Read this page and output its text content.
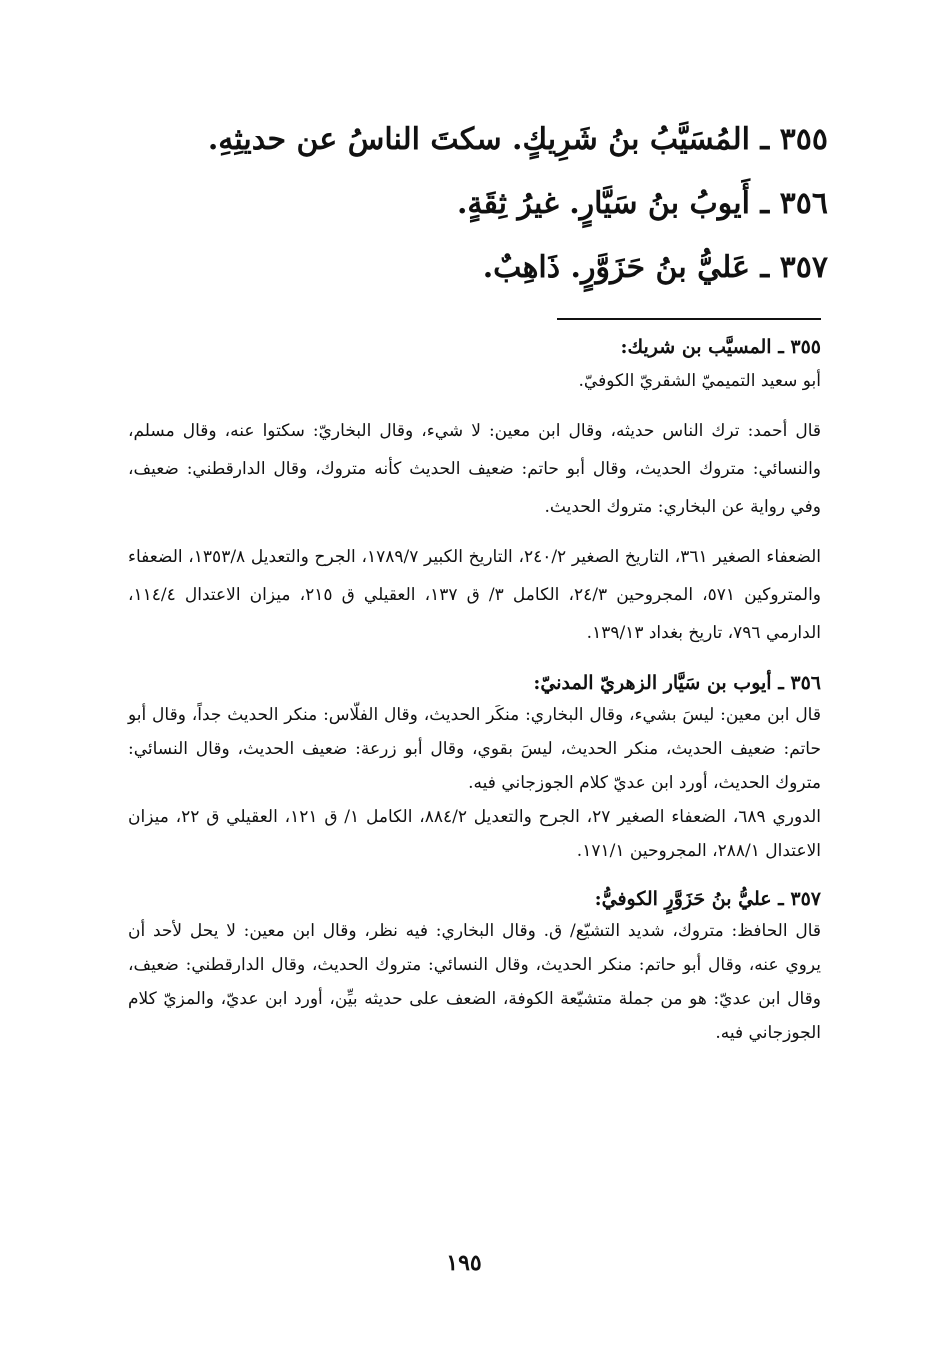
٣٥٥ ـ المُسَيَّبُ بنُ شَرِيكٍ. سكتَ الناسُ عن حديثِهِ.
٣٥٦ ـ أَيوبُ بنُ سَيَّارٍ. غيرُ ثِقَةٍ.
٣٥٧ ـ عَليُّ بنُ حَزَوَّرٍ. ذَاهِبٌ.

٣٥٥ ـ المسيَّب بن شريك:

أبو سعيد التميميّ الشقريّ الكوفيّ.

قال أحمد: ترك الناس حديثه، وقال ابن معين: لا شيء، وقال البخاريّ: سكتوا عنه، وقال مسلم، والنسائي: متروك الحديث، وقال أبو حاتم: ضعيف الحديث كأنه متروك، وقال الدارقطني: ضعيف، وفي رواية عن البخاري: متروك الحديث.

الضعفاء الصغير ٣٦١، التاريخ الصغير ٢٤٠/٢، التاريخ الكبير ١٧٨٩/٧، الجرح والتعديل ١٣٥٣/٨، الضعفاء والمتروكين ٥٧١، المجروحين ٢٤/٣، الكامل ٣/ ق ١٣٧، العقيلي ق ٢١٥، ميزان الاعتدال ١١٤/٤، الدارمي ٧٩٦، تاريخ بغداد ١٣٩/١٣.

٣٥٦ ـ أيوب بن سَيَّار الزهريّ المدنيّ:

قال ابن معين: ليسَ بشيء، وقال البخاري: منكَر الحديث، وقال الفلّاس: منكر الحديث جداً، وقال أبو حاتم: ضعيف الحديث، منكر الحديث، ليسَ بقوي، وقال أبو زرعة: ضعيف الحديث، وقال النسائي: متروك الحديث، أورد ابن عديّ كلام الجوزجاني فيه.

الدوري ٦٨٩، الضعفاء الصغير ٢٧، الجرح والتعديل ٨٨٤/٢، الكامل ١/ ق ١٢١، العقيلي ق ٢٢، ميزان الاعتدال ٢٨٨/١، المجروحين ١٧١/١.

٣٥٧ ـ عليُّ بنُ حَزَوَّرٍ الكوفيُّ:

قال الحافظ: متروك، شديد التشيّع/ ق. وقال البخاري: فيه نظر، وقال ابن معين: لا يحل لأحد أن يروي عنه، وقال أبو حاتم: منكر الحديث، وقال النسائي: متروك الحديث، وقال الدارقطني: ضعيف، وقال ابن عديّ: هو من جملة متشيّعة الكوفة، الضعف على حديثه بيِّن، أورد ابن عديّ، والمزيّ كلام الجوزجاني فيه.

١٩٥
